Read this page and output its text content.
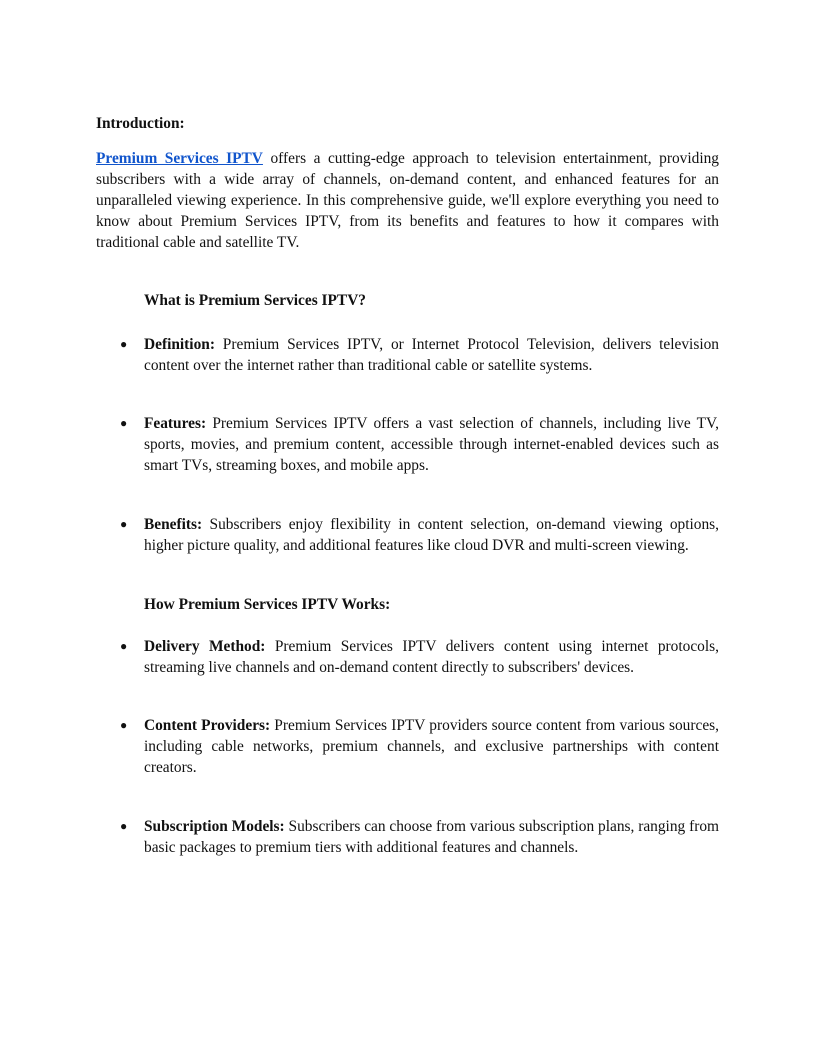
Introduction:

Premium Services IPTV offers a cutting-edge approach to television entertainment, providing subscribers with a wide array of channels, on-demand content, and enhanced features for an unparalleled viewing experience. In this comprehensive guide, we'll explore everything you need to know about Premium Services IPTV, from its benefits and features to how it compares with traditional cable and satellite TV.

What is Premium Services IPTV?

● Definition: Premium Services IPTV, or Internet Protocol Television, delivers television content over the internet rather than traditional cable or satellite systems.

● Features: Premium Services IPTV offers a vast selection of channels, including live TV, sports, movies, and premium content, accessible through internet-enabled devices such as smart TVs, streaming boxes, and mobile apps.

● Benefits: Subscribers enjoy flexibility in content selection, on-demand viewing options, higher picture quality, and additional features like cloud DVR and multi-screen viewing.

How Premium Services IPTV Works:

● Delivery Method: Premium Services IPTV delivers content using internet protocols, streaming live channels and on-demand content directly to subscribers' devices.

● Content Providers: Premium Services IPTV providers source content from various sources, including cable networks, premium channels, and exclusive partnerships with content creators.

● Subscription Models: Subscribers can choose from various subscription plans, ranging from basic packages to premium tiers with additional features and channels.
